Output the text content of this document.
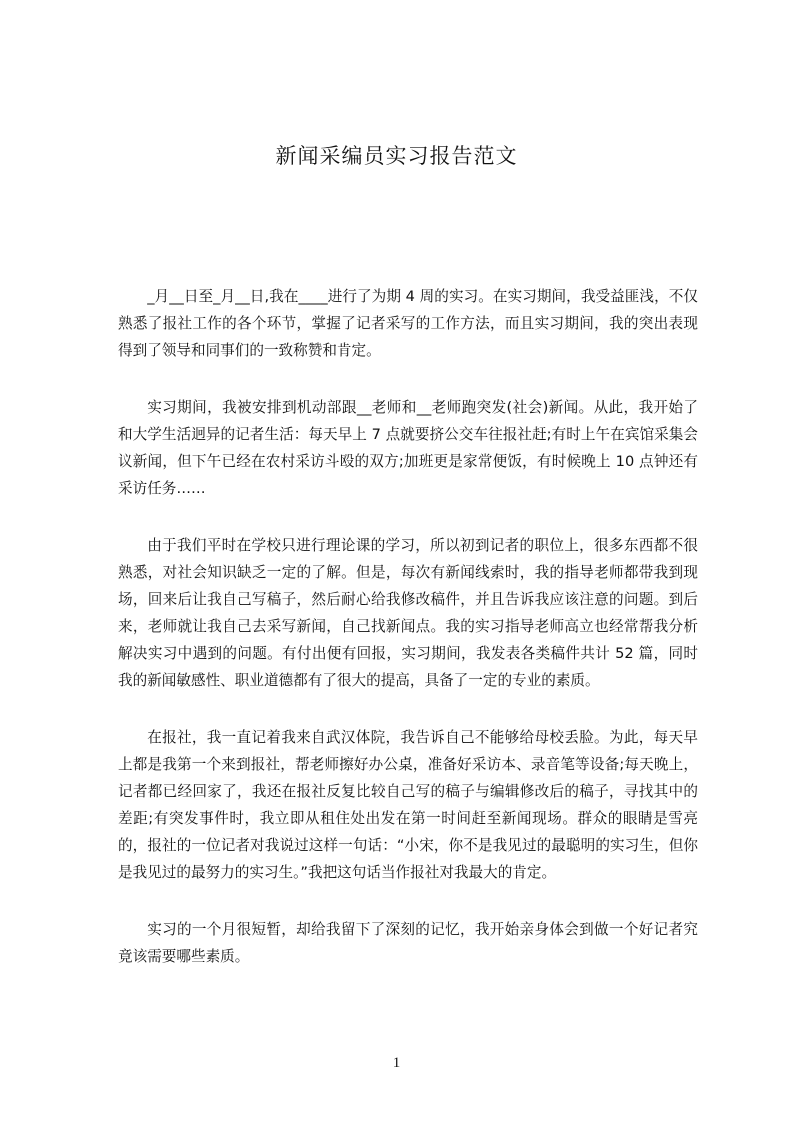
新闻采编员实习报告范文

_月__日至_月__日,我在____进行了为期 4 周的实习。在实习期间，我受益匪浅，不仅熟悉了报社工作的各个环节，掌握了记者采写的工作方法，而且实习期间，我的突出表现得到了领导和同事们的一致称赞和肯定。

实习期间，我被安排到机动部跟__老师和__老师跑突发(社会)新闻。从此，我开始了和大学生活迥异的记者生活：每天早上 7 点就要挤公交车往报社赶;有时上午在宾馆采集会议新闻，但下午已经在农村采访斗殴的双方;加班更是家常便饭，有时候晚上 10 点钟还有采访任务……

由于我们平时在学校只进行理论课的学习，所以初到记者的职位上，很多东西都不很熟悉，对社会知识缺乏一定的了解。但是，每次有新闻线索时，我的指导老师都带我到现场，回来后让我自己写稿子，然后耐心给我修改稿件，并且告诉我应该注意的问题。到后来，老师就让我自己去采写新闻，自己找新闻点。我的实习指导老师高立也经常帮我分析解决实习中遇到的问题。有付出便有回报，实习期间，我发表各类稿件共计 52 篇，同时我的新闻敏感性、职业道德都有了很大的提高，具备了一定的专业的素质。

在报社，我一直记着我来自武汉体院，我告诉自己不能够给母校丢脸。为此，每天早上都是我第一个来到报社，帮老师擦好办公桌，准备好采访本、录音笔等设备;每天晚上，记者都已经回家了，我还在报社反复比较自己写的稿子与编辑修改后的稿子，寻找其中的差距;有突发事件时，我立即从租住处出发在第一时间赶至新闻现场。群众的眼睛是雪亮的，报社的一位记者对我说过这样一句话：“小宋，你不是我见过的最聪明的实习生，但你是我见过的最努力的实习生。”我把这句话当作报社对我最大的肯定。

实习的一个月很短暂，却给我留下了深刻的记忆，我开始亲身体会到做一个好记者究竟该需要哪些素质。

1
